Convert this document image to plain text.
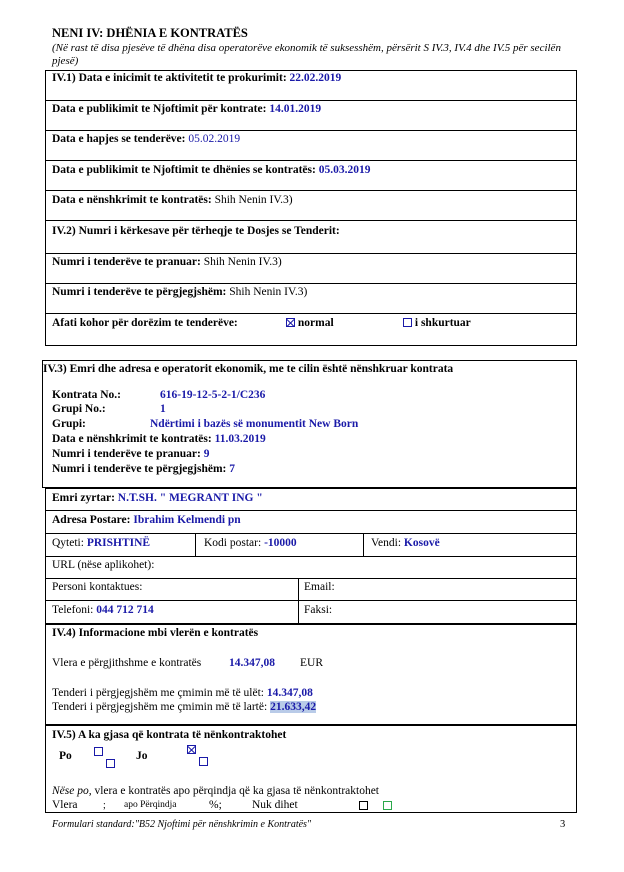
NENI IV: DHËNIA E KONTRATËS
(Në rast të disa pjesëve të dhëna disa operatorëve ekonomik të suksesshëm, përsërit S IV.3, IV.4 dhe IV.5 për secilën pjesë)
IV.1) Data e inicimit te aktivitetit te prokurimit: 22.02.2019
Data e publikimit te Njoftimit për kontrate: 14.01.2019
Data e hapjes se tenderëve: 05.02.2019
Data e publikimit te Njoftimit te dhënies se kontratës: 05.03.2019
Data e nënshkrimit te kontratës: Shih Nenin IV.3)
IV.2) Numri i kërkesave për tërheqje te Dosjes se Tenderit:
Numri i tenderëve te pranuar: Shih Nenin IV.3)
Numri i tenderëve te përgjegjshëm: Shih Nenin IV.3)
Afati kohor për dorëzim te tenderëve:	normal	i shkurtuar
IV.3) Emri dhe adresa e operatorit ekonomik, me te cilin është nënshkruar kontrata
Kontrata No.:	616-19-12-5-2-1/C236
Grupi No.:	1
Grupi:	Ndërtimi i bazës së monumentit New Born
Data e nënshkrimit te kontratës: 11.03.2019
Numri i tenderëve te pranuar: 9
Numri i tenderëve te përgjegjshëm: 7
Emri zyrtar: N.T.SH. " MEGRANT ING "
Adresa Postare: Ibrahim Kelmendi pn
Qyteti: PRISHTINË	Kodi postar: -10000	Vendi: Kosovë
URL (nëse aplikohet):
Personi kontaktues:	Email:
Telefoni: 044 712 714	Faksi:
IV.4) Informacione mbi vlerën e kontratës
Vlera e përgjithshme e kontratës 14.347,08 EUR
Tenderi i përgjegjshëm me çmimin më të ulët: 14.347,08
Tenderi i përgjegjshëm me çmimin më të lartë: 21.633,42
IV.5) A ka gjasa që kontrata të nënkontraktohet
Po
	Jo

Nëse po, vlera e kontratës apo përqindja që ka gjasa të nënkontraktohet
Vlera	; apo Përqindja	%;	Nuk dihet

Formulari standard:"B52 Njoftimi për nënshkrimin e Kontratës"	3
